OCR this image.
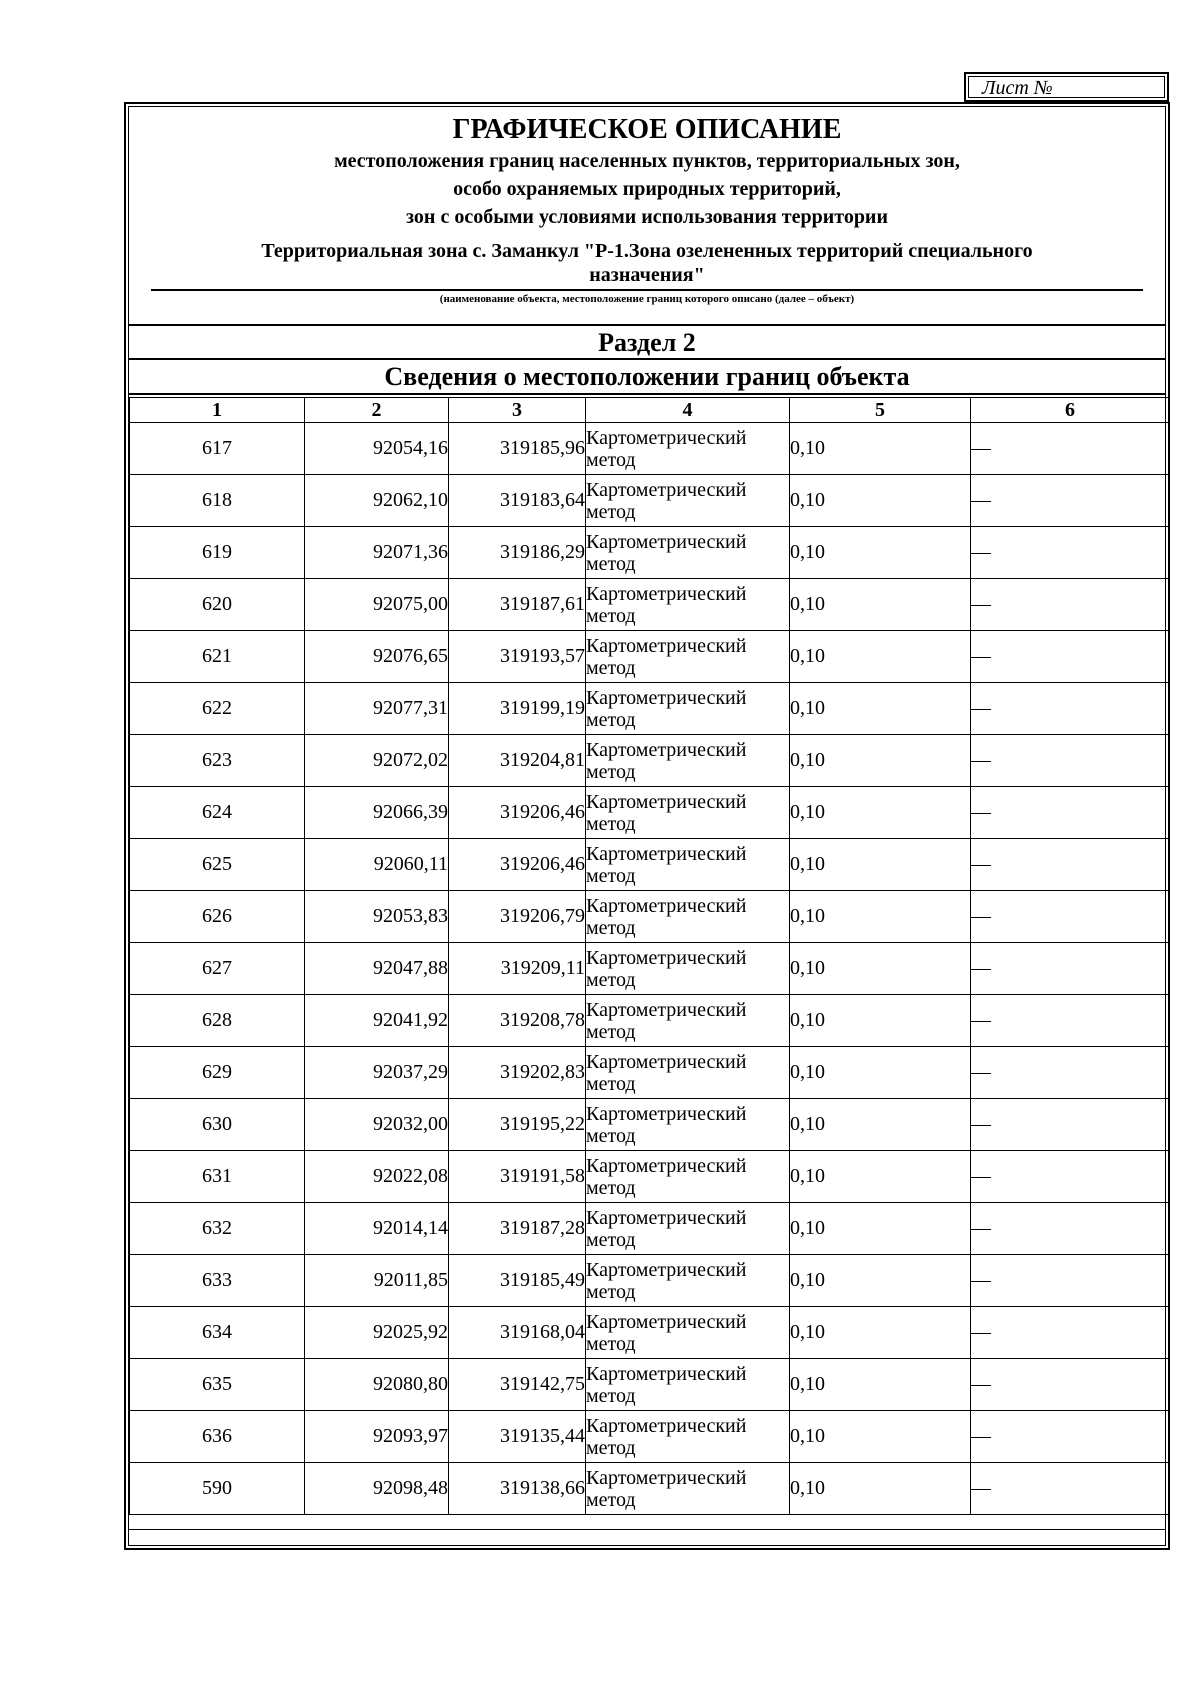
Лист №
ГРАФИЧЕСКОЕ ОПИСАНИЕ
местоположения границ населенных пунктов, территориальных зон,
особо охраняемых природных территорий,
зон с особыми условиями использования территории
Территориальная зона с. Заманкул "Р-1.Зона озелененных территорий специального
назначения"
(наименование объекта, местоположение границ которого описано (далее – объект)
Раздел 2
Сведения о местоположении границ объекта
1	2	3	4	5	6
617	92054,16	319185,96	Картометрический метод	0,10	—
618	92062,10	319183,64	Картометрический метод	0,10	—
619	92071,36	319186,29	Картометрический метод	0,10	—
620	92075,00	319187,61	Картометрический метод	0,10	—
621	92076,65	319193,57	Картометрический метод	0,10	—
622	92077,31	319199,19	Картометрический метод	0,10	—
623	92072,02	319204,81	Картометрический метод	0,10	—
624	92066,39	319206,46	Картометрический метод	0,10	—
625	92060,11	319206,46	Картометрический метод	0,10	—
626	92053,83	319206,79	Картометрический метод	0,10	—
627	92047,88	319209,11	Картометрический метод	0,10	—
628	92041,92	319208,78	Картометрический метод	0,10	—
629	92037,29	319202,83	Картометрический метод	0,10	—
630	92032,00	319195,22	Картометрический метод	0,10	—
631	92022,08	319191,58	Картометрический метод	0,10	—
632	92014,14	319187,28	Картометрический метод	0,10	—
633	92011,85	319185,49	Картометрический метод	0,10	—
634	92025,92	319168,04	Картометрический метод	0,10	—
635	92080,80	319142,75	Картометрический метод	0,10	—
636	92093,97	319135,44	Картометрический метод	0,10	—
590	92098,48	319138,66	Картометрический метод	0,10	—
